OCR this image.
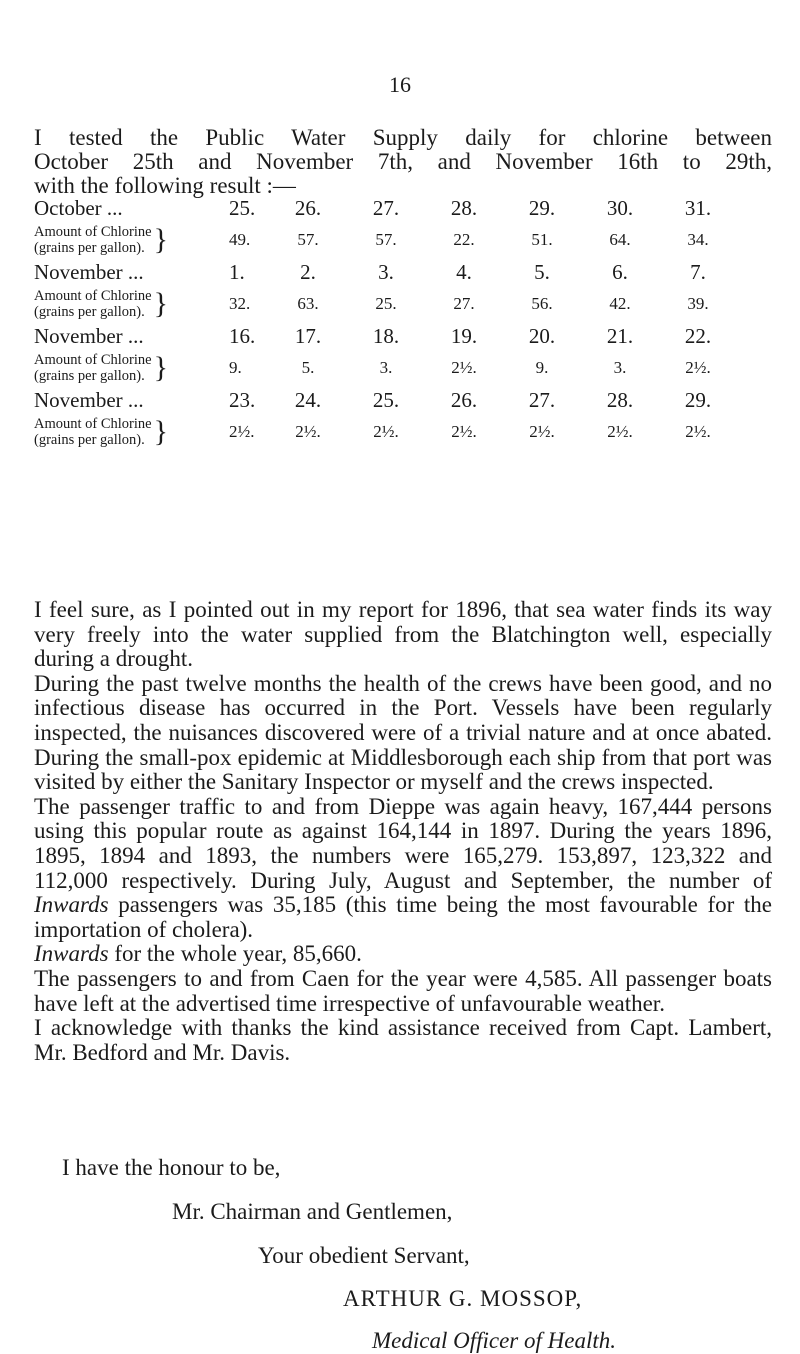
16
I tested the Public Water Supply daily for chlorine between
October 25th and November 7th, and November 16th to 29th,
with the following result :—
October ...	25.	26.	27.	28.	29.	30.	31.

Amount of Chlorine
(grains per gallon). }	49.	57.	57.	22.	51.	64.	34.
November ...	1.	2.	3.	4.	5.	6.	7.

Amount of Chlorine
(grains per gallon). }	32.	63.	25.	27.	56.	42.	39.
November ...	16.	17.	18.	19.	20.	21.	22.

Amount of Chlorine
(grains per gallon). }	9.	5.	3.	2½.	9.	3.	2½.
November ...	23.	24.	25.	26.	27.	28.	29.

Amount of Chlorine
(grains per gallon). }	2½.	2½.	2½.	2½.	2½.	2½.	2½.

I feel sure, as I pointed out in my report for 1896, that sea water finds its way very freely into the water supplied from the Blatchington well, especially during a drought.

During the past twelve months the health of the crews have been good, and no infectious disease has occurred in the Port. Vessels have been regularly inspected, the nuisances discovered were of a trivial nature and at once abated. During the small-pox epidemic at Middlesborough each ship from that port was visited by either the Sanitary Inspector or myself and the crews inspected.

The passenger traffic to and from Dieppe was again heavy, 167,444 persons using this popular route as against 164,144 in 1897. During the years 1896, 1895, 1894 and 1893, the numbers were 165,279. 153,897, 123,322 and 112,000 respectively. During July, August and September, the number of Inwards passengers was 35,185 (this time being the most favourable for the importation of cholera).

Inwards for the whole year, 85,660.

The passengers to and from Caen for the year were 4,585. All passenger boats have left at the advertised time irrespective of unfavourable weather.

I acknowledge with thanks the kind assistance received from Capt. Lambert, Mr. Bedford and Mr. Davis.

I have the honour to be,
Mr. Chairman and Gentlemen,
Your obedient Servant,
ARTHUR G. MOSSOP,
Medical Officer of Health.
